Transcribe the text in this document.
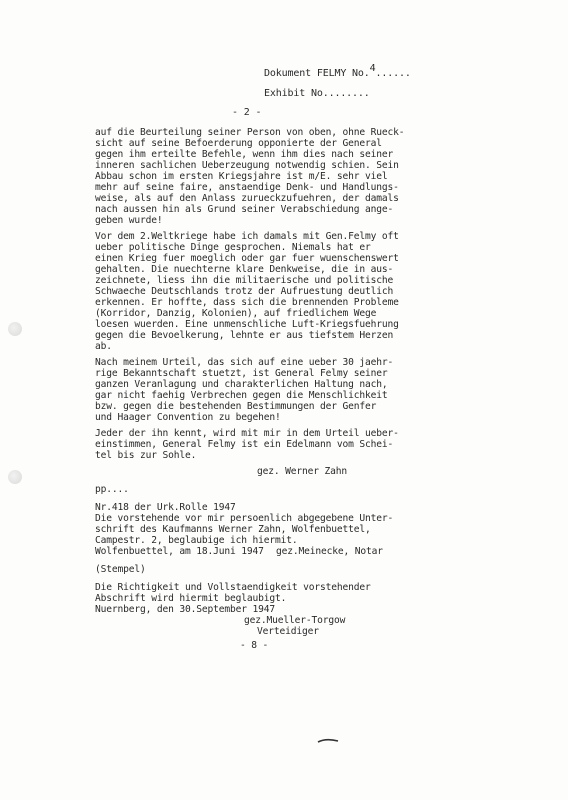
Dokument FELMY No.4......
Exhibit No........
- 2 -
auf die Beurteilung seiner Person von oben, ohne Rueck-
sicht auf seine Befoerderung opponierte der General
gegen ihm erteilte Befehle, wenn ihm dies nach seiner
inneren sachlichen Ueberzeugung notwendig schien. Sein
Abbau schon im ersten Kriegsjahre ist m/E. sehr viel
mehr auf seine faire, anstaendige Denk- und Handlungs-
weise, als auf den Anlass zurueckzufuehren, der damals
nach aussen hin als Grund seiner Verabschiedung ange-
geben wurde!
Vor dem 2.Weltkriege habe ich damals mit Gen.Felmy oft
ueber politische Dinge gesprochen. Niemals hat er
einen Krieg fuer moeglich oder gar fuer wuenschenswert
gehalten. Die nuechterne klare Denkweise, die in aus-
zeichnete, liess ihn die militaerische und politische
Schwaeche Deutschlands trotz der Aufruestung deutlich
erkennen. Er hoffte, dass sich die brennenden Probleme
(Korridor, Danzig, Kolonien), auf friedlichem Wege
loesen wuerden. Eine unmenschliche Luft-Kriegsfuehrung
gegen die Bevoelkerung, lehnte er aus tiefstem Herzen
ab.
Nach meinem Urteil, das sich auf eine ueber 30 jaehr-
rige Bekanntschaft stuetzt, ist General Felmy seiner
ganzen Veranlagung und charakterlichen Haltung nach,
gar nicht faehig Verbrechen gegen die Menschlichkeit
bzw. gegen die bestehenden Bestimmungen der Genfer
und Haager Convention zu begehen!
Jeder der ihn kennt, wird mit mir in dem Urteil ueber-
einstimmen, General Felmy ist ein Edelmann vom Schei-
tel bis zur Sohle.
gez. Werner Zahn
pp....
Nr.418 der Urk.Rolle 1947
Die vorstehende vor mir persoenlich abgegebene Unter-
schrift des Kaufmanns Werner Zahn, Wolfenbuettel,
Campestr. 2, beglaubige ich hiermit.
Wolfenbuettel, am 18.Juni 1947 gez.Meinecke, Notar
(Stempel)
Die Richtigkeit und Vollstaendigkeit vorstehender
Abschrift wird hiermit beglaubigt.
Nuernberg, den 30.September 1947
gez.Mueller-Torgow
Verteidiger
- 8 -
